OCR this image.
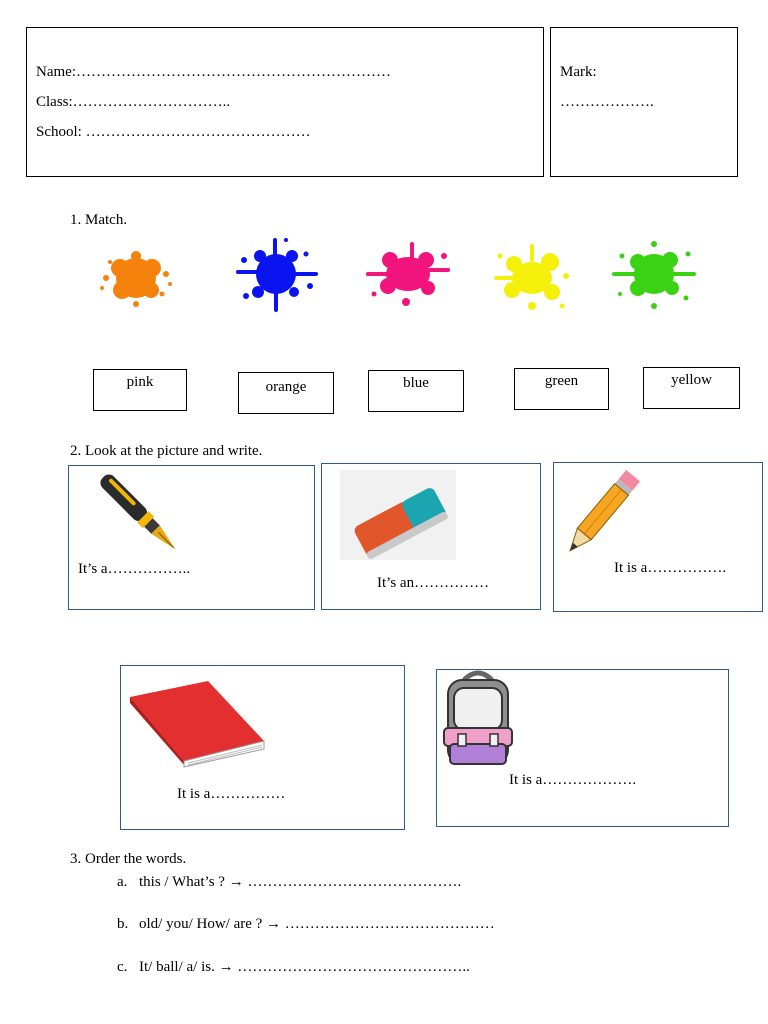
Name:………………………………………………………
Class:…………………………..
School: ………………………………………
Mark:
……………….
1. Match.
pink	orange	blue	green	yellow
2. Look at the picture and write.
It’s a……………..
It’s an……………
It is a…………….
It is a……………
It is a……………….
3. Order the words.
a. this / What’s ? → …………………………………….
b. old/ you/ How/ are ? → ……………………………………
c. It/ ball/ a/ is. → ………………………………………..
